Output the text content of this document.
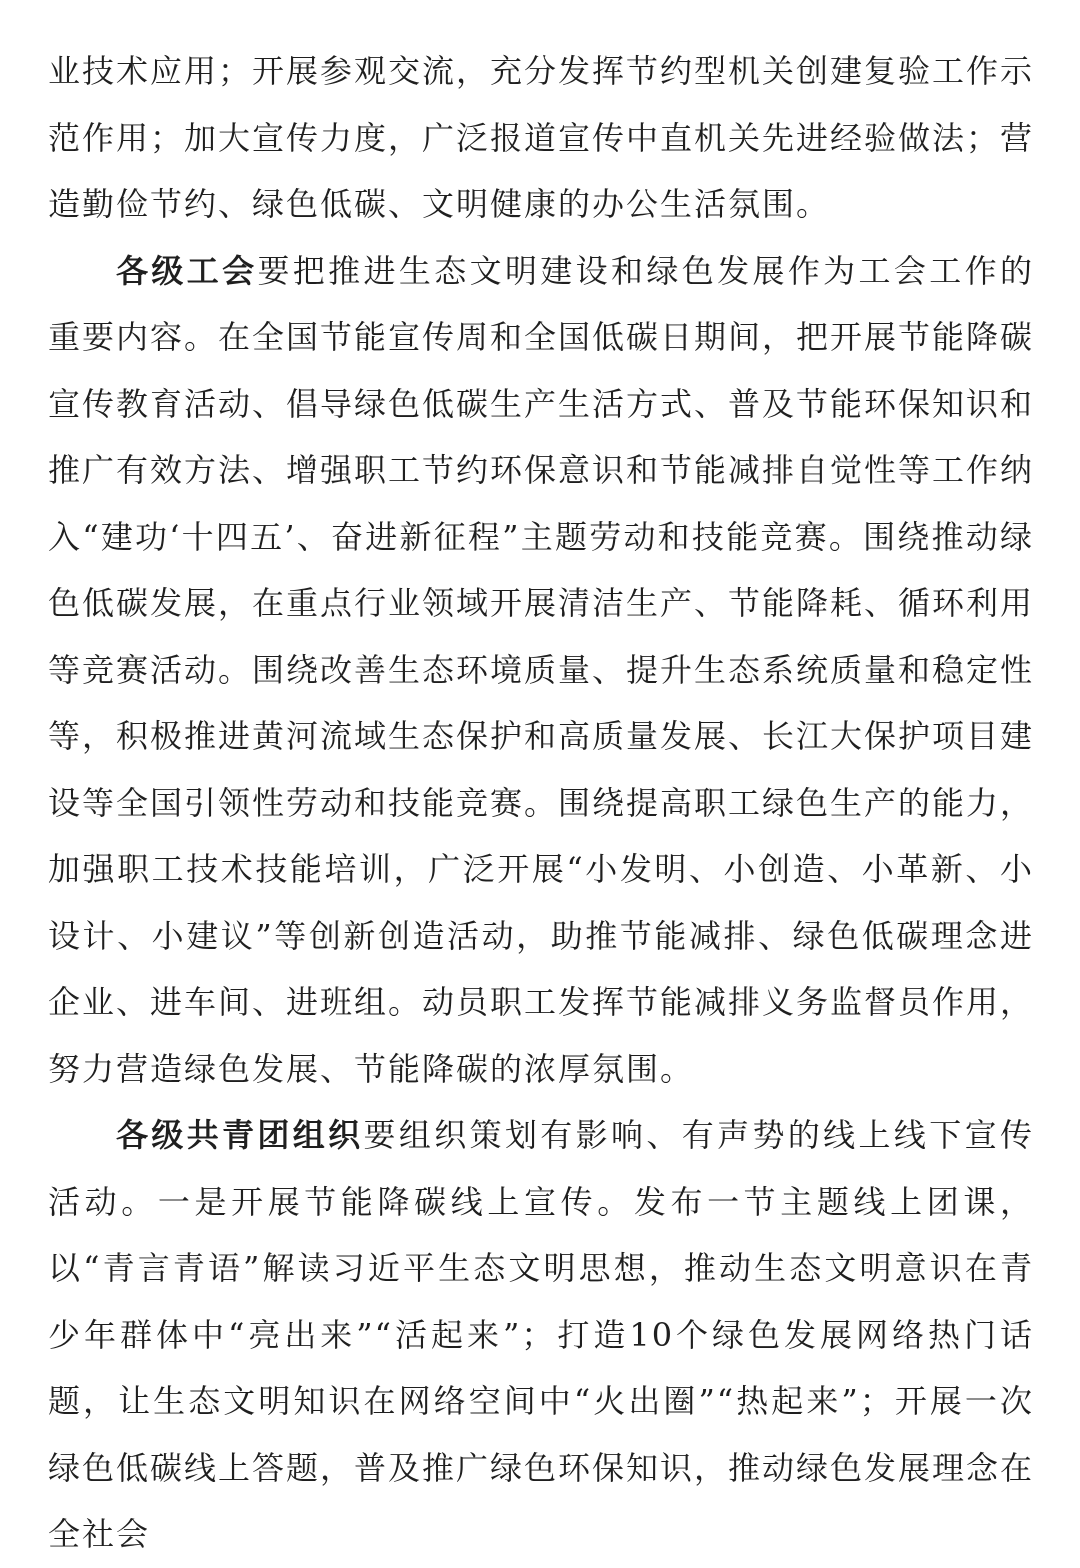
业技术应用；开展参观交流，充分发挥节约型机关创建复验工作示范作用；加大宣传力度，广泛报道宣传中直机关先进经验做法；营造勤俭节约、绿色低碳、文明健康的办公生活氛围。

各级工会要把推进生态文明建设和绿色发展作为工会工作的重要内容。在全国节能宣传周和全国低碳日期间，把开展节能降碳宣传教育活动、倡导绿色低碳生产生活方式、普及节能环保知识和推广有效方法、增强职工节约环保意识和节能减排自觉性等工作纳入“建功‘十四五’、奋进新征程”主题劳动和技能竞赛。围绕推动绿色低碳发展，在重点行业领域开展清洁生产、节能降耗、循环利用等竞赛活动。围绕改善生态环境质量、提升生态系统质量和稳定性等，积极推进黄河流域生态保护和高质量发展、长江大保护项目建设等全国引领性劳动和技能竞赛。围绕提高职工绿色生产的能力，加强职工技术技能培训，广泛开展“小发明、小创造、小革新、小设计、小建议”等创新创造活动，助推节能减排、绿色低碳理念进企业、进车间、进班组。动员职工发挥节能减排义务监督员作用，努力营造绿色发展、节能降碳的浓厚氛围。

各级共青团组织要组织策划有影响、有声势的线上线下宣传活动。一是开展节能降碳线上宣传。发布一节主题线上团课，以“青言青语”解读习近平生态文明思想，推动生态文明意识在青少年群体中“亮出来”“活起来”；打造10个绿色发展网络热门话题，让生态文明知识在网络空间中“火出圈”“热起来”；开展一次绿色低碳线上答题，普及推广绿色环保知识，推动绿色发展理念在全社会
